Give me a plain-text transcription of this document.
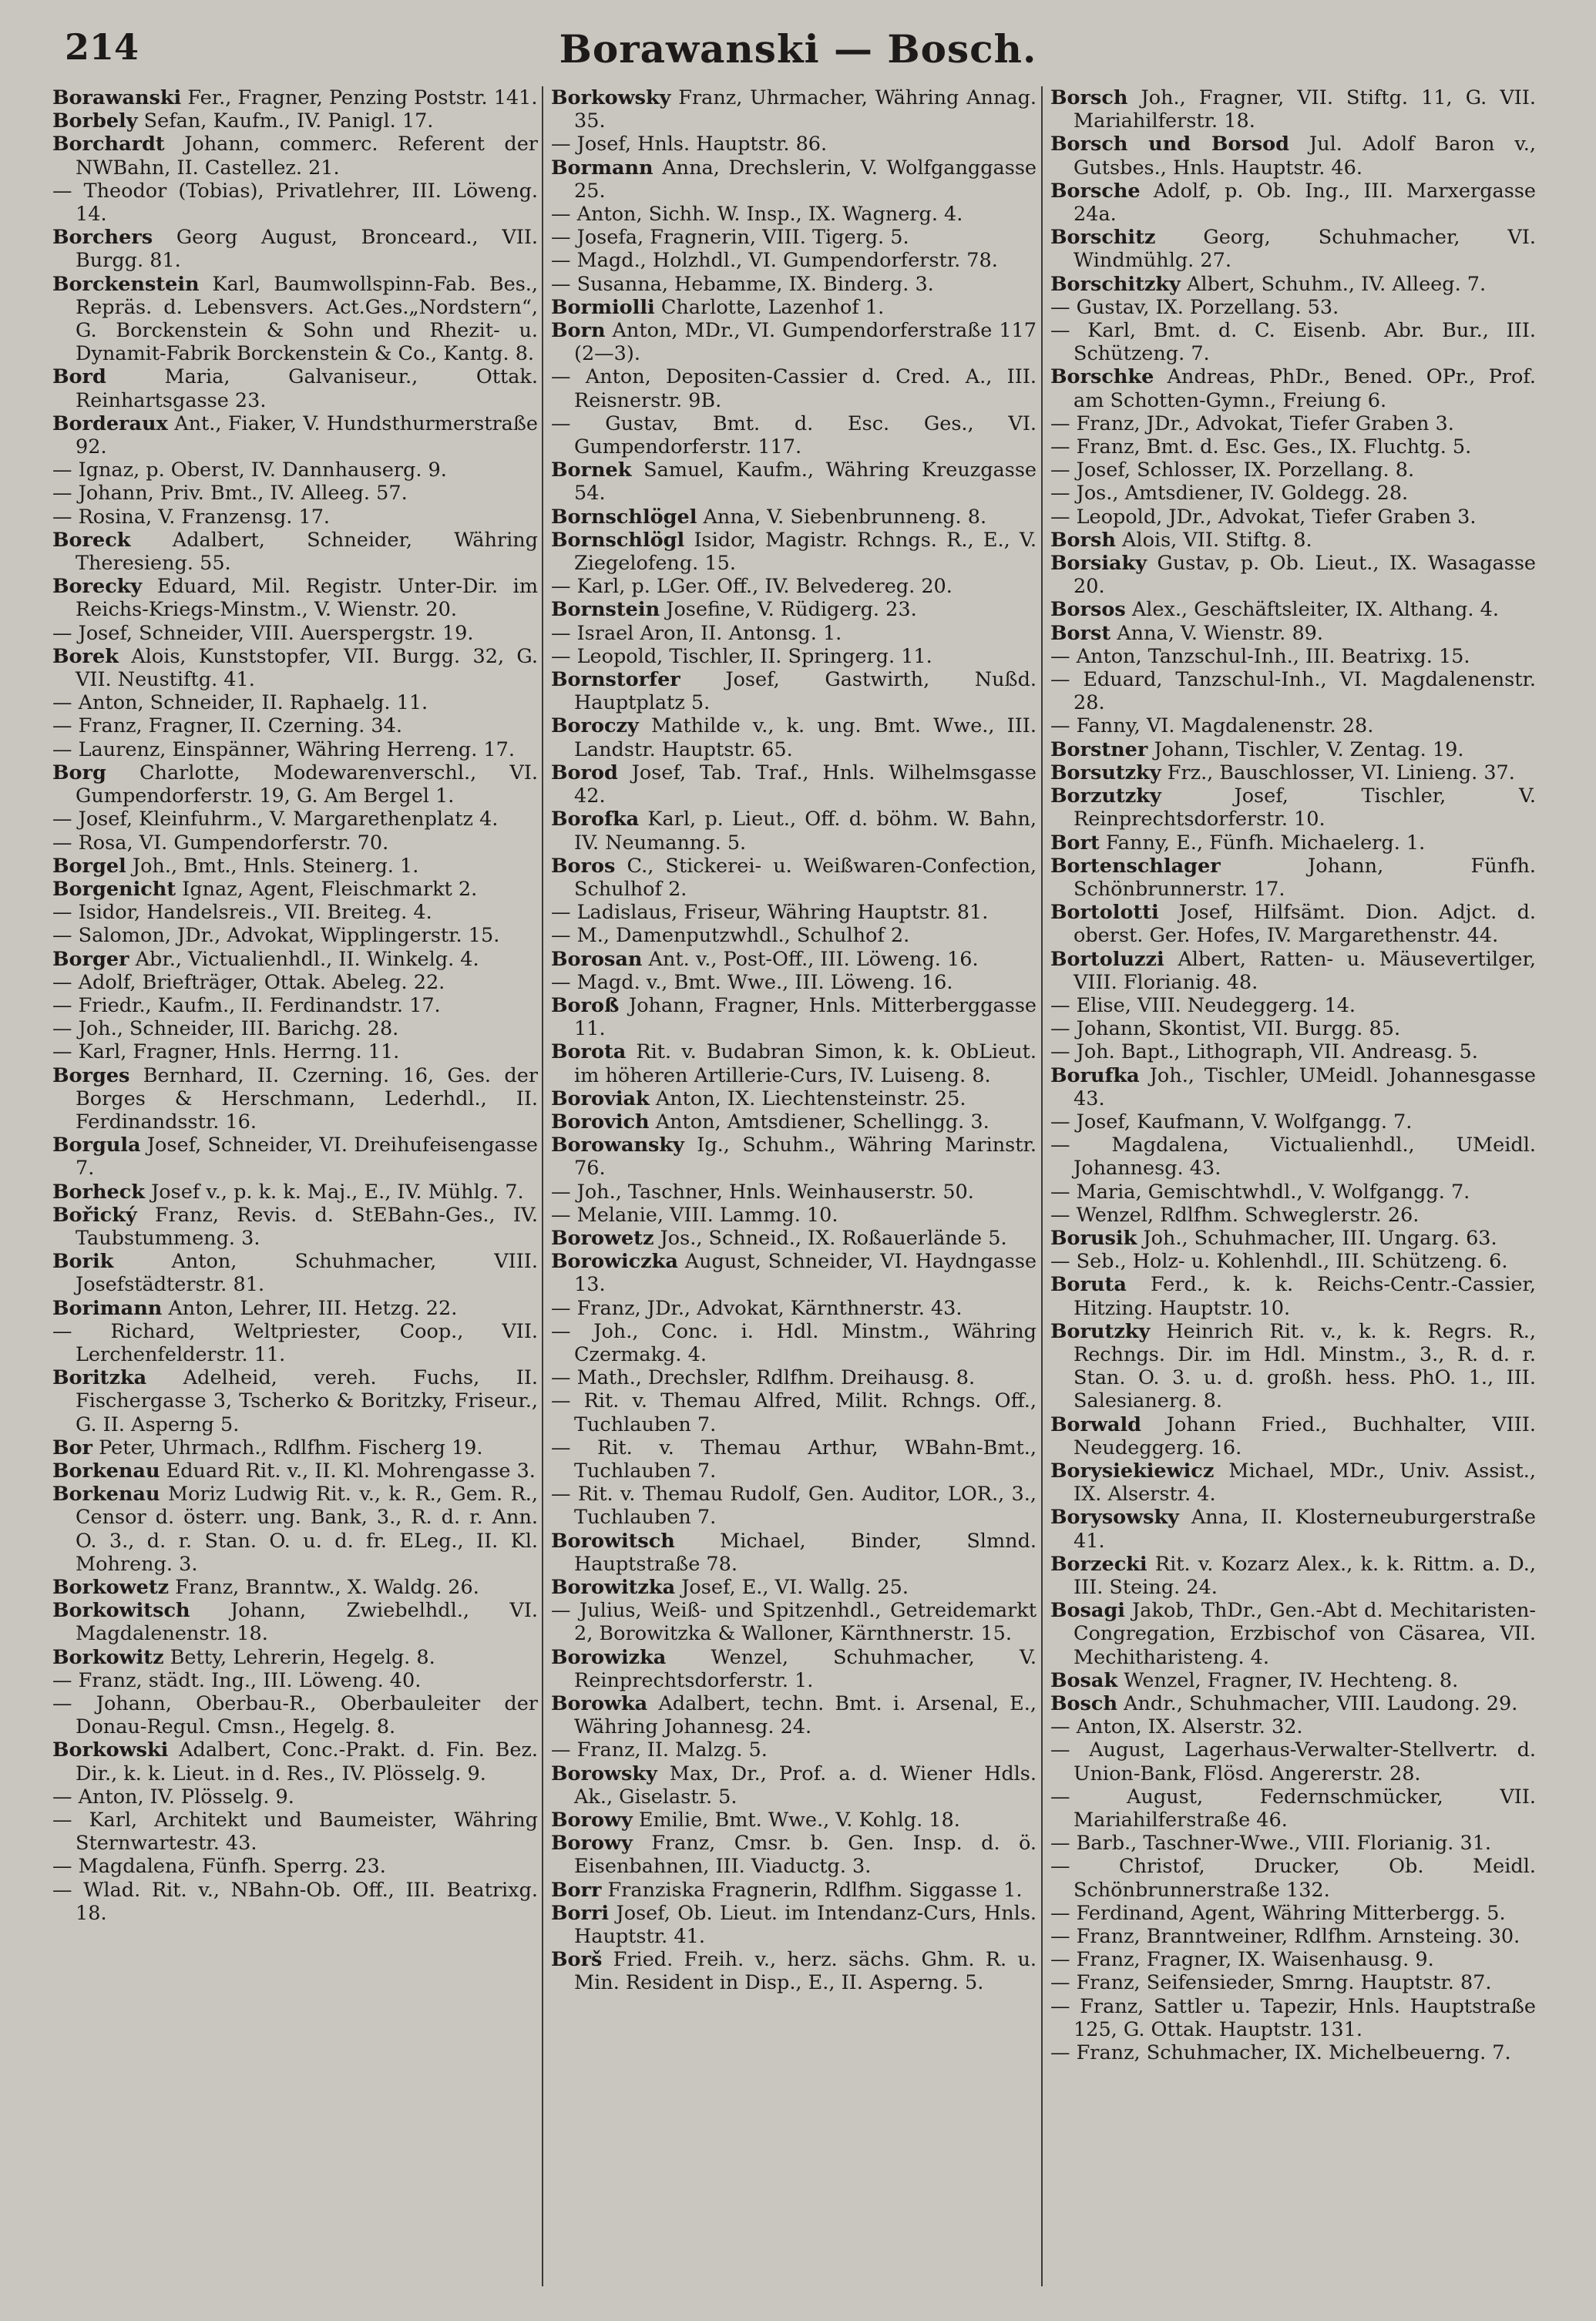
214	Borawanski — Bosch.
Borawanski Fer., Fragner, Penzing Poststr. 141.
Borbely Sefan, Kaufm., IV. Panigl. 17.
Borchardt Johann, commerc. Referent der NWBahn, II. Castellez. 21.
— Theodor (Tobias), Privatlehrer, III. Löweng. 14.
Borchers Georg August, Bronceard., VII. Burgg. 81.
Borckenstein Karl, Baumwollspinn-Fab. Bes., Repräs. d. Lebensvers. Act.Ges.„Nordstern“, G. Borckenstein & Sohn und Rhezit- u. Dynamit-Fabrik Borckenstein & Co., Kantg. 8.
Bord	Maria, Galvaniseur., Ottak. Reinhartsgasse 23.
Borderaux Ant., Fiaker, V. Hundsthurmerstraße 92.
— Ignaz, p. Oberst, IV. Dannhauserg. 9.
— Johann, Priv. Bmt., IV. Alleeg. 57.
— Rosina, V. Franzensg. 17.
Boreck Adalbert, Schneider, Währing Theresieng. 55.
Borecky Eduard, Mil. Registr. Unter-Dir. im Reichs-Kriegs-Minstm., V. Wienstr. 20.
— Josef, Schneider, VIII. Auerspergstr. 19.
Borek Alois, Kunststopfer, VII. Burgg. 32, G. VII. Neustiftg. 41.
— Anton, Schneider, II. Raphaelg. 11.
— Franz, Fragner, II. Czerning. 34.
— Laurenz, Einspänner, Währing Herreng. 17.
Borg Charlotte, Modewarenverschl., VI. Gumpendorferstr. 19, G. Am Bergel 1.
— Josef, Kleinfuhrm., V. Margarethenplatz 4.
— Rosa, VI. Gumpendorferstr. 70.
Borgel Joh., Bmt., Hnls. Steinerg. 1.
Borgenicht Ignaz, Agent, Fleischmarkt 2.
— Isidor, Handelsreis., VII. Breiteg. 4.
— Salomon, JDr., Advokat, Wipplingerstr. 15.
Borger Abr., Victualienhdl., II. Winkelg. 4.
— Adolf, Briefträger, Ottak. Abeleg. 22.
— Friedr., Kaufm., II. Ferdinandstr. 17.
— Joh., Schneider, III. Barichg. 28.
— Karl, Fragner, Hnls. Herrng. 11.
Borges Bernhard, II. Czerning. 16, Ges. der Borges & Herschmann, Lederhdl., II. Ferdinandsstr. 16.
Borgula Josef, Schneider, VI. Dreihufeisengasse 7.
Borheck Josef v., p. k. k. Maj., E., IV. Mühlg. 7.
Bořický Franz, Revis. d. StEBahn-Ges., IV. Taubstummeng. 3.
Borik	Anton, Schuhmacher, VIII. Josefstädterstr. 81.
Borimann Anton, Lehrer, III. Hetzg. 22.
— Richard, Weltpriester, Coop., VII. Lerchenfelderstr. 11.
Boritzka Adelheid, vereh. Fuchs, II. Fischergasse 3, Tscherko & Boritzky, Friseur., G. II. Asperng 5.
Bor Peter, Uhrmach., Rdlfhm. Fischerg 19.
Borkenau Eduard Rit. v., II. Kl. Mohrengasse 3.
Borkenau Moriz Ludwig Rit. v., k. R., Gem. R., Censor d. österr. ung. Bank, 3., R. d. r. Ann. O. 3., d. r. Stan. O. u. d. fr. ELeg., II. Kl. Mohreng. 3.
Borkowetz Franz, Branntw., X. Waldg. 26.
Borkowitsch Johann, Zwiebelhdl., VI. Magdalenenstr. 18.
Borkowitz Betty, Lehrerin, Hegelg. 8.
— Franz, städt. Ing., III. Löweng. 40.
— Johann, Oberbau-R., Oberbauleiter der Donau-Regul. Cmsn., Hegelg. 8.
Borkowski Adalbert, Conc.-Prakt. d. Fin. Bez. Dir., k. k. Lieut. in d. Res., IV. Plösselg. 9.
— Anton, IV. Plösselg. 9.
— Karl, Architekt und Baumeister, Währing Sternwartestr. 43.
— Magdalena, Fünfh. Sperrg. 23.
— Wlad. Rit. v., NBahn-Ob. Off., III. Beatrixg. 18.
Borkowsky Franz, Uhrmacher, Währing Annag. 35.
— Josef, Hnls. Hauptstr. 86.
Bormann Anna, Drechslerin, V. Wolfganggasse 25.
— Anton, Sichh. W. Insp., IX. Wagnerg. 4.
— Josefa, Fragnerin, VIII. Tigerg. 5.
— Magd., Holzhdl., VI. Gumpendorferstr. 78.
— Susanna, Hebamme, IX. Binderg. 3.
Bormiolli Charlotte, Lazenhof 1.
Born Anton, MDr., VI. Gumpendorferstraße 117 (2—3).
— Anton, Depositen-Cassier d. Cred. A., III. Reisnerstr. 9B.
— Gustav, Bmt. d. Esc. Ges., VI. Gumpendorferstr. 117.
Bornek Samuel, Kaufm., Währing Kreuzgasse 54.
Bornschlögel Anna, V. Siebenbrunneng. 8.
Bornschlögl Isidor, Magistr. Rchngs. R., E., V. Ziegelofeng. 15.
— Karl, p. LGer. Off., IV. Belvedereg. 20.
Bornstein Josefine, V. Rüdigerg. 23.
— Israel Aron, II. Antonsg. 1.
— Leopold, Tischler, II. Springerg. 11.
Bornstorfer Josef, Gastwirth, Nußd. Hauptplatz 5.
Boroczy Mathilde v., k. ung. Bmt. Wwe., III. Landstr. Hauptstr. 65.
Borod Josef, Tab. Traf., Hnls. Wilhelmsgasse 42.
Borofka Karl, p. Lieut., Off. d. böhm. W. Bahn, IV. Neumanng. 5.
Boros C., Stickerei- u. Weißwaren-Confection, Schulhof 2.
— Ladislaus, Friseur, Währing Hauptstr. 81.
— M., Damenputzwhdl., Schulhof 2.
Borosan Ant. v., Post-Off., III. Löweng. 16.
— Magd. v., Bmt. Wwe., III. Löweng. 16.
Boroß Johann, Fragner, Hnls. Mitterberggasse 11.
Borota Rit. v. Budabran Simon, k. k. ObLieut. im höheren Artillerie-Curs, IV. Luiseng. 8.
Boroviak Anton, IX. Liechtensteinstr. 25.
Borovich Anton, Amtsdiener, Schellingg. 3.
Borowansky Ig., Schuhm., Währing Marinstr. 76.
— Joh., Taschner, Hnls. Weinhauserstr. 50.
— Melanie, VIII. Lammg. 10.
Borowetz Jos., Schneid., IX. Roßauerlände 5.
Borowiczka August, Schneider, VI. Haydngasse 13.
— Franz, JDr., Advokat, Kärnthnerstr. 43.
— Joh., Conc. i. Hdl. Minstm., Währing Czermakg. 4.
— Math., Drechsler, Rdlfhm. Dreihausg. 8.
— Rit. v. Themau Alfred, Milit. Rchngs. Off., Tuchlauben 7.
— Rit. v. Themau Arthur, WBahn-Bmt., Tuchlauben 7.
— Rit. v. Themau Rudolf, Gen. Auditor, LOR., 3., Tuchlauben 7.
Borowitsch Michael, Binder, Slmnd. Hauptstraße 78.
Borowitzka Josef, E., VI. Wallg. 25.
— Julius, Weiß- und Spitzenhdl., Getreidemarkt 2, Borowitzka & Walloner, Kärnthnerstr. 15.
Borowizka Wenzel, Schuhmacher, V. Reinprechtsdorferstr. 1.
Borowka Adalbert, techn. Bmt. i. Arsenal, E., Währing Johannesg. 24.
— Franz, II. Malzg. 5.
Borowsky Max, Dr., Prof. a. d. Wiener Hdls. Ak., Giselastr. 5.
Borowy Emilie, Bmt. Wwe., V. Kohlg. 18.
Borowy Franz, Cmsr. b. Gen. Insp. d. ö. Eisenbahnen, III. Viaductg. 3.
Borr Franziska Fragnerin, Rdlfhm. Siggasse 1.
Borri Josef, Ob. Lieut. im Intendanz-Curs, Hnls. Hauptstr. 41.
Borš Fried. Freih. v., herz. sächs. Ghm. R. u. Min. Resident in Disp., E., II. Asperng. 5.
Borsch Joh., Fragner, VII. Stiftg. 11, G. VII. Mariahilferstr. 18.
Borsch und Borsod Jul. Adolf Baron v., Gutsbes., Hnls. Hauptstr. 46.
Borsche Adolf, p. Ob. Ing., III. Marxergasse 24a.
Borschitz Georg, Schuhmacher, VI. Windmühlg. 27.
Borschitzky Albert, Schuhm., IV. Alleeg. 7.
— Gustav, IX. Porzellang. 53.
— Karl, Bmt. d. C. Eisenb. Abr. Bur., III. Schützeng. 7.
Borschke Andreas, PhDr., Bened. OPr., Prof. am Schotten-Gymn., Freiung 6.
— Franz, JDr., Advokat, Tiefer Graben 3.
— Franz, Bmt. d. Esc. Ges., IX. Fluchtg. 5.
— Josef, Schlosser, IX. Porzellang. 8.
— Jos., Amtsdiener, IV. Goldegg. 28.
— Leopold, JDr., Advokat, Tiefer Graben 3.
Borsh Alois, VII. Stiftg. 8.
Borsiaky Gustav, p. Ob. Lieut., IX. Wasagasse 20.
Borsos Alex., Geschäftsleiter, IX. Althang. 4.
Borst Anna, V. Wienstr. 89.
— Anton, Tanzschul-Inh., III. Beatrixg. 15.
— Eduard, Tanzschul-Inh., VI. Magdalenenstr. 28.
— Fanny, VI. Magdalenenstr. 28.
Borstner Johann, Tischler, V. Zentag. 19.
Borsutzky Frz., Bauschlosser, VI. Linieng. 37.
Borzutzky	Josef, Tischler, V. Reinprechtsdorferstr. 10.
Bort Fanny, E., Fünfh. Michaelerg. 1.
Bortenschlager	Johann, Fünfh. Schönbrunnerstr. 17.
Bortolotti Josef, Hilfsämt. Dion. Adjct. d. oberst. Ger. Hofes, IV. Margarethenstr. 44.
Bortoluzzi Albert, Ratten- u. Mäusevertilger, VIII. Florianig. 48.
— Elise, VIII. Neudeggerg. 14.
— Johann, Skontist, VII. Burgg. 85.
— Joh. Bapt., Lithograph, VII. Andreasg. 5.
Borufka Joh., Tischler, UMeidl. Johannesgasse 43.
— Josef, Kaufmann, V. Wolfgangg. 7.
— Magdalena, Victualienhdl., UMeidl. Johannesg. 43.
— Maria, Gemischtwhdl., V. Wolfgangg. 7.
— Wenzel, Rdlfhm. Schweglerstr. 26.
Borusik Joh., Schuhmacher, III. Ungarg. 63.
— Seb., Holz- u. Kohlenhdl., III. Schützeng. 6.
Boruta Ferd., k. k. Reichs-Centr.-Cassier, Hitzing. Hauptstr. 10.
Borutzky Heinrich Rit. v., k. k. Regrs. R., Rechngs. Dir. im Hdl. Minstm., 3., R. d. r. Stan. O. 3. u. d. großh. hess. PhO. 1., III. Salesianerg. 8.
Borwald Johann Fried., Buchhalter, VIII. Neudeggerg. 16.
Borysiekiewicz Michael, MDr., Univ. Assist., IX. Alserstr. 4.
Borysowsky Anna, II. Klosterneuburgerstraße 41.
Borzecki Rit. v. Kozarz Alex., k. k. Rittm. a. D., III. Steing. 24.
Bosagi Jakob, ThDr., Gen.-Abt d. Mechitaristen-Congregation, Erzbischof von Cäsarea, VII. Mechitharisteng. 4.
Bosak Wenzel, Fragner, IV. Hechteng. 8.
Bosch Andr., Schuhmacher, VIII. Laudong. 29.
— Anton, IX. Alserstr. 32.
— August, Lagerhaus-Verwalter-Stellvertr. d. Union-Bank, Flösd. Angererstr. 28.
— August, Federnschmücker, VII. Mariahilferstraße 46.
— Barb., Taschner-Wwe., VIII. Florianig. 31.
— Christof, Drucker, Ob. Meidl. Schönbrunnerstraße 132.
— Ferdinand, Agent, Währing Mitterbergg. 5.
— Franz, Branntweiner, Rdlfhm. Arnsteing. 30.
— Franz, Fragner, IX. Waisenhausg. 9.
— Franz, Seifensieder, Smrng. Hauptstr. 87.
— Franz, Sattler u. Tapezir, Hnls. Hauptstraße 125, G. Ottak. Hauptstr. 131.
— Franz, Schuhmacher, IX. Michelbeuerng. 7.
